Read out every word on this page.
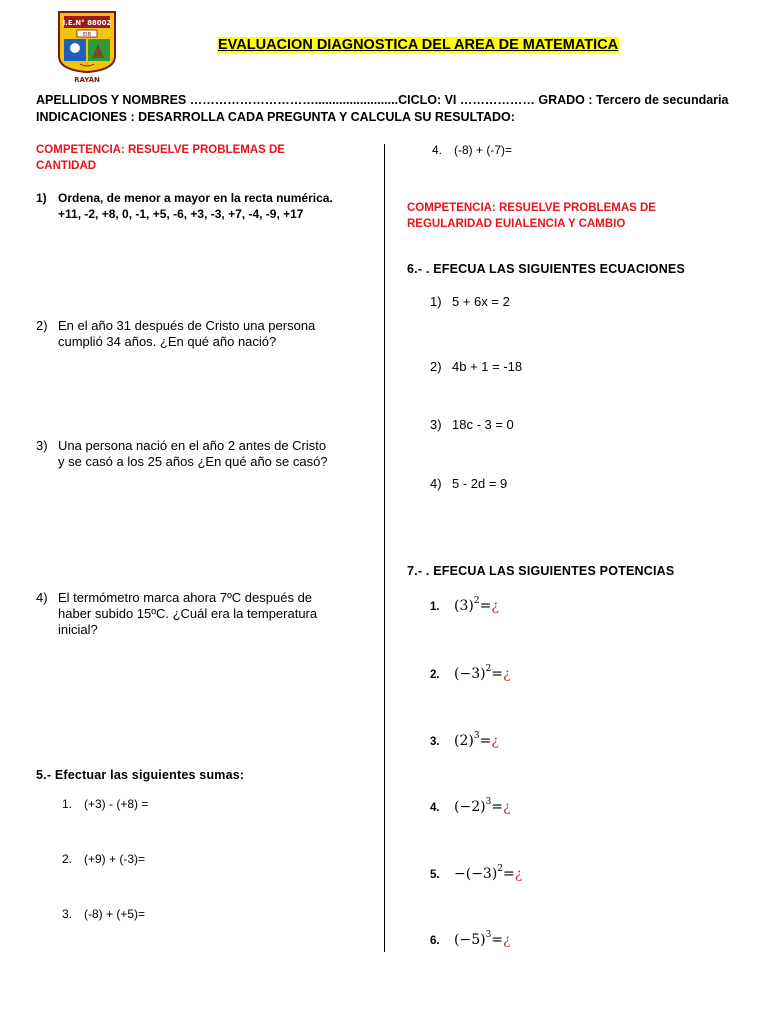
I.E.N° 88002
EIB
RAYÁN
EVALUACION DIAGNOSTICA DEL AREA DE MATEMATICA
APELLIDOS Y NOMBRES …………………………........................CICLO: VI ……………… GRADO : Tercero de secundaria
INDICACIONES : DESARROLLA CADA PREGUNTA Y CALCULA SU RESULTADO:
COMPETENCIA: RESUELVE PROBLEMAS DE
CANTIDAD
1) Ordena, de menor a mayor en la recta numérica.
+11, -2, +8, 0, -1, +5, -6, +3, -3, +7, -4, -9, +17
2) En el año 31 después de Cristo una persona
cumplió 34 años. ¿En qué año nació?
3) Una persona nació en el año 2 antes de Cristo
y se casó a los 25 años ¿En qué año se casó?
4) El termómetro marca ahora 7ºC después de
haber subido 15ºC. ¿Cuál era la temperatura
inicial?
5.- Efectuar las siguientes sumas:
1. (+3) - (+8) =
2. (+9) + (-3)=
3. (-8) + (+5)=
4. (-8) + (-7)=
COMPETENCIA: RESUELVE PROBLEMAS DE
REGULARIDAD EUIALENCIA Y CAMBIO
6.- . EFECUA LAS SIGUIENTES ECUACIONES
1) 5 + 6x = 2
2) 4b + 1 = -18
3) 18c - 3 = 0
4) 5 - 2d = 9
7.- . EFECUA LAS SIGUIENTES POTENCIAS
1. $(3)^2=¿$
2. $(-3)^2=¿$
3. $(2)^3=¿$
4. $(-2)^3=¿$
5. $-(-3)^2=¿$
6. $(-5)^3=¿$
